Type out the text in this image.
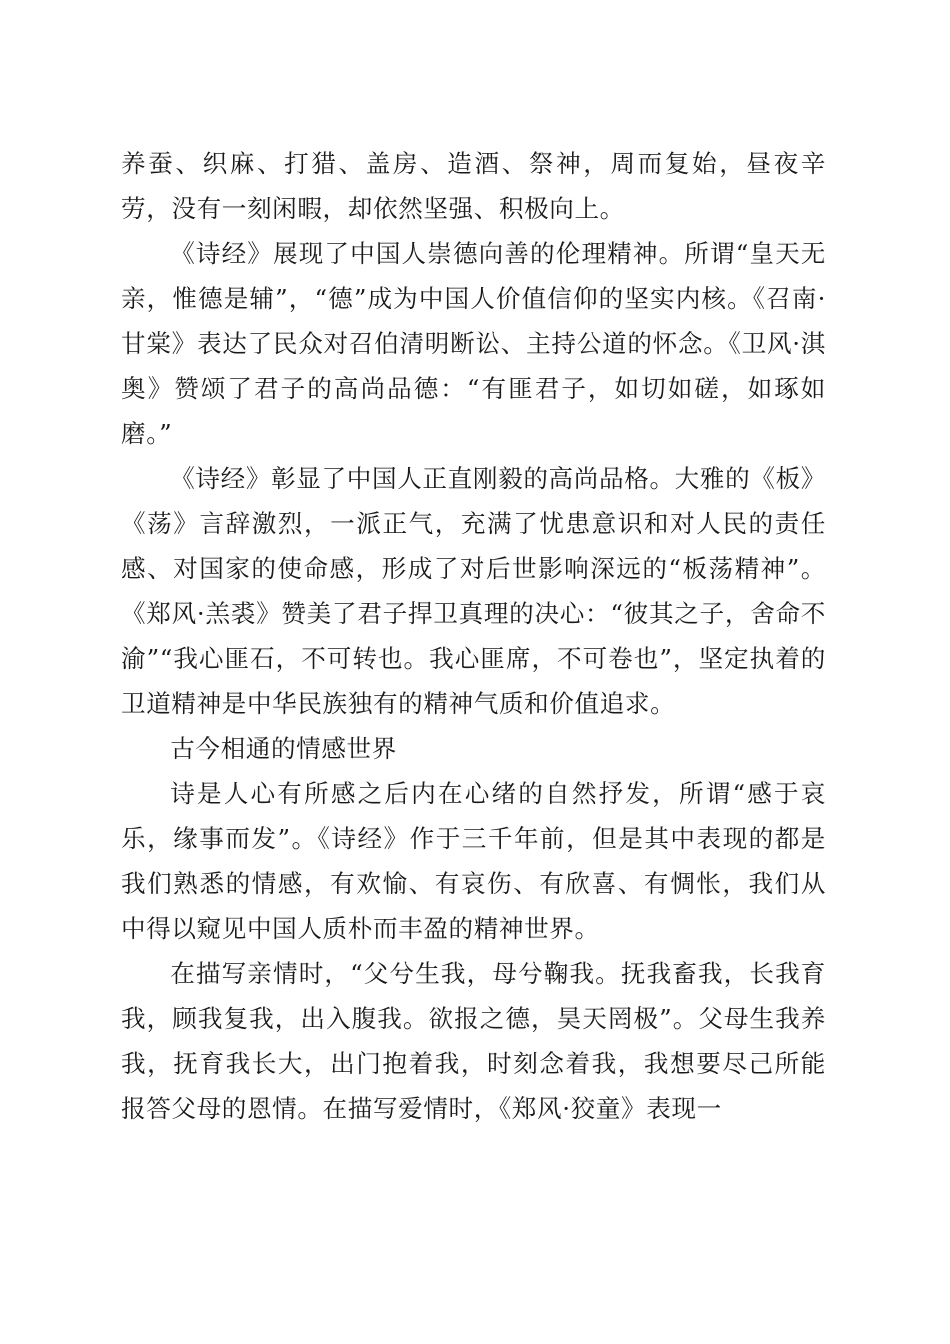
养蚕、织麻、打猎、盖房、造酒、祭神，周而复始，昼夜辛劳，没有一刻闲暇，却依然坚强、积极向上。

《诗经》展现了中国人崇德向善的伦理精神。所谓“皇天无亲，惟德是辅”，“德”成为中国人价值信仰的坚实内核。《召南·甘棠》表达了民众对召伯清明断讼、主持公道的怀念。《卫风·淇奥》赞颂了君子的高尚品德：“有匪君子，如切如磋，如琢如磨。”

《诗经》彰显了中国人正直刚毅的高尚品格。大雅的《板》《荡》言辞激烈，一派正气，充满了忧患意识和对人民的责任感、对国家的使命感，形成了对后世影响深远的“板荡精神”。《郑风·羔裘》赞美了君子捍卫真理的决心：“彼其之子，舍命不渝”“我心匪石，不可转也。我心匪席，不可卷也”，坚定执着的卫道精神是中华民族独有的精神气质和价值追求。

古今相通的情感世界

诗是人心有所感之后内在心绪的自然抒发，所谓“感于哀乐，缘事而发”。《诗经》作于三千年前，但是其中表现的都是我们熟悉的情感，有欢愉、有哀伤、有欣喜、有惆怅，我们从中得以窥见中国人质朴而丰盈的精神世界。

在描写亲情时，“父兮生我，母兮鞠我。抚我畜我，长我育我，顾我复我，出入腹我。欲报之德，昊天罔极”。父母生我养我，抚育我长大，出门抱着我，时刻念着我，我想要尽己所能报答父母的恩情。在描写爱情时，《郑风·狡童》表现一
